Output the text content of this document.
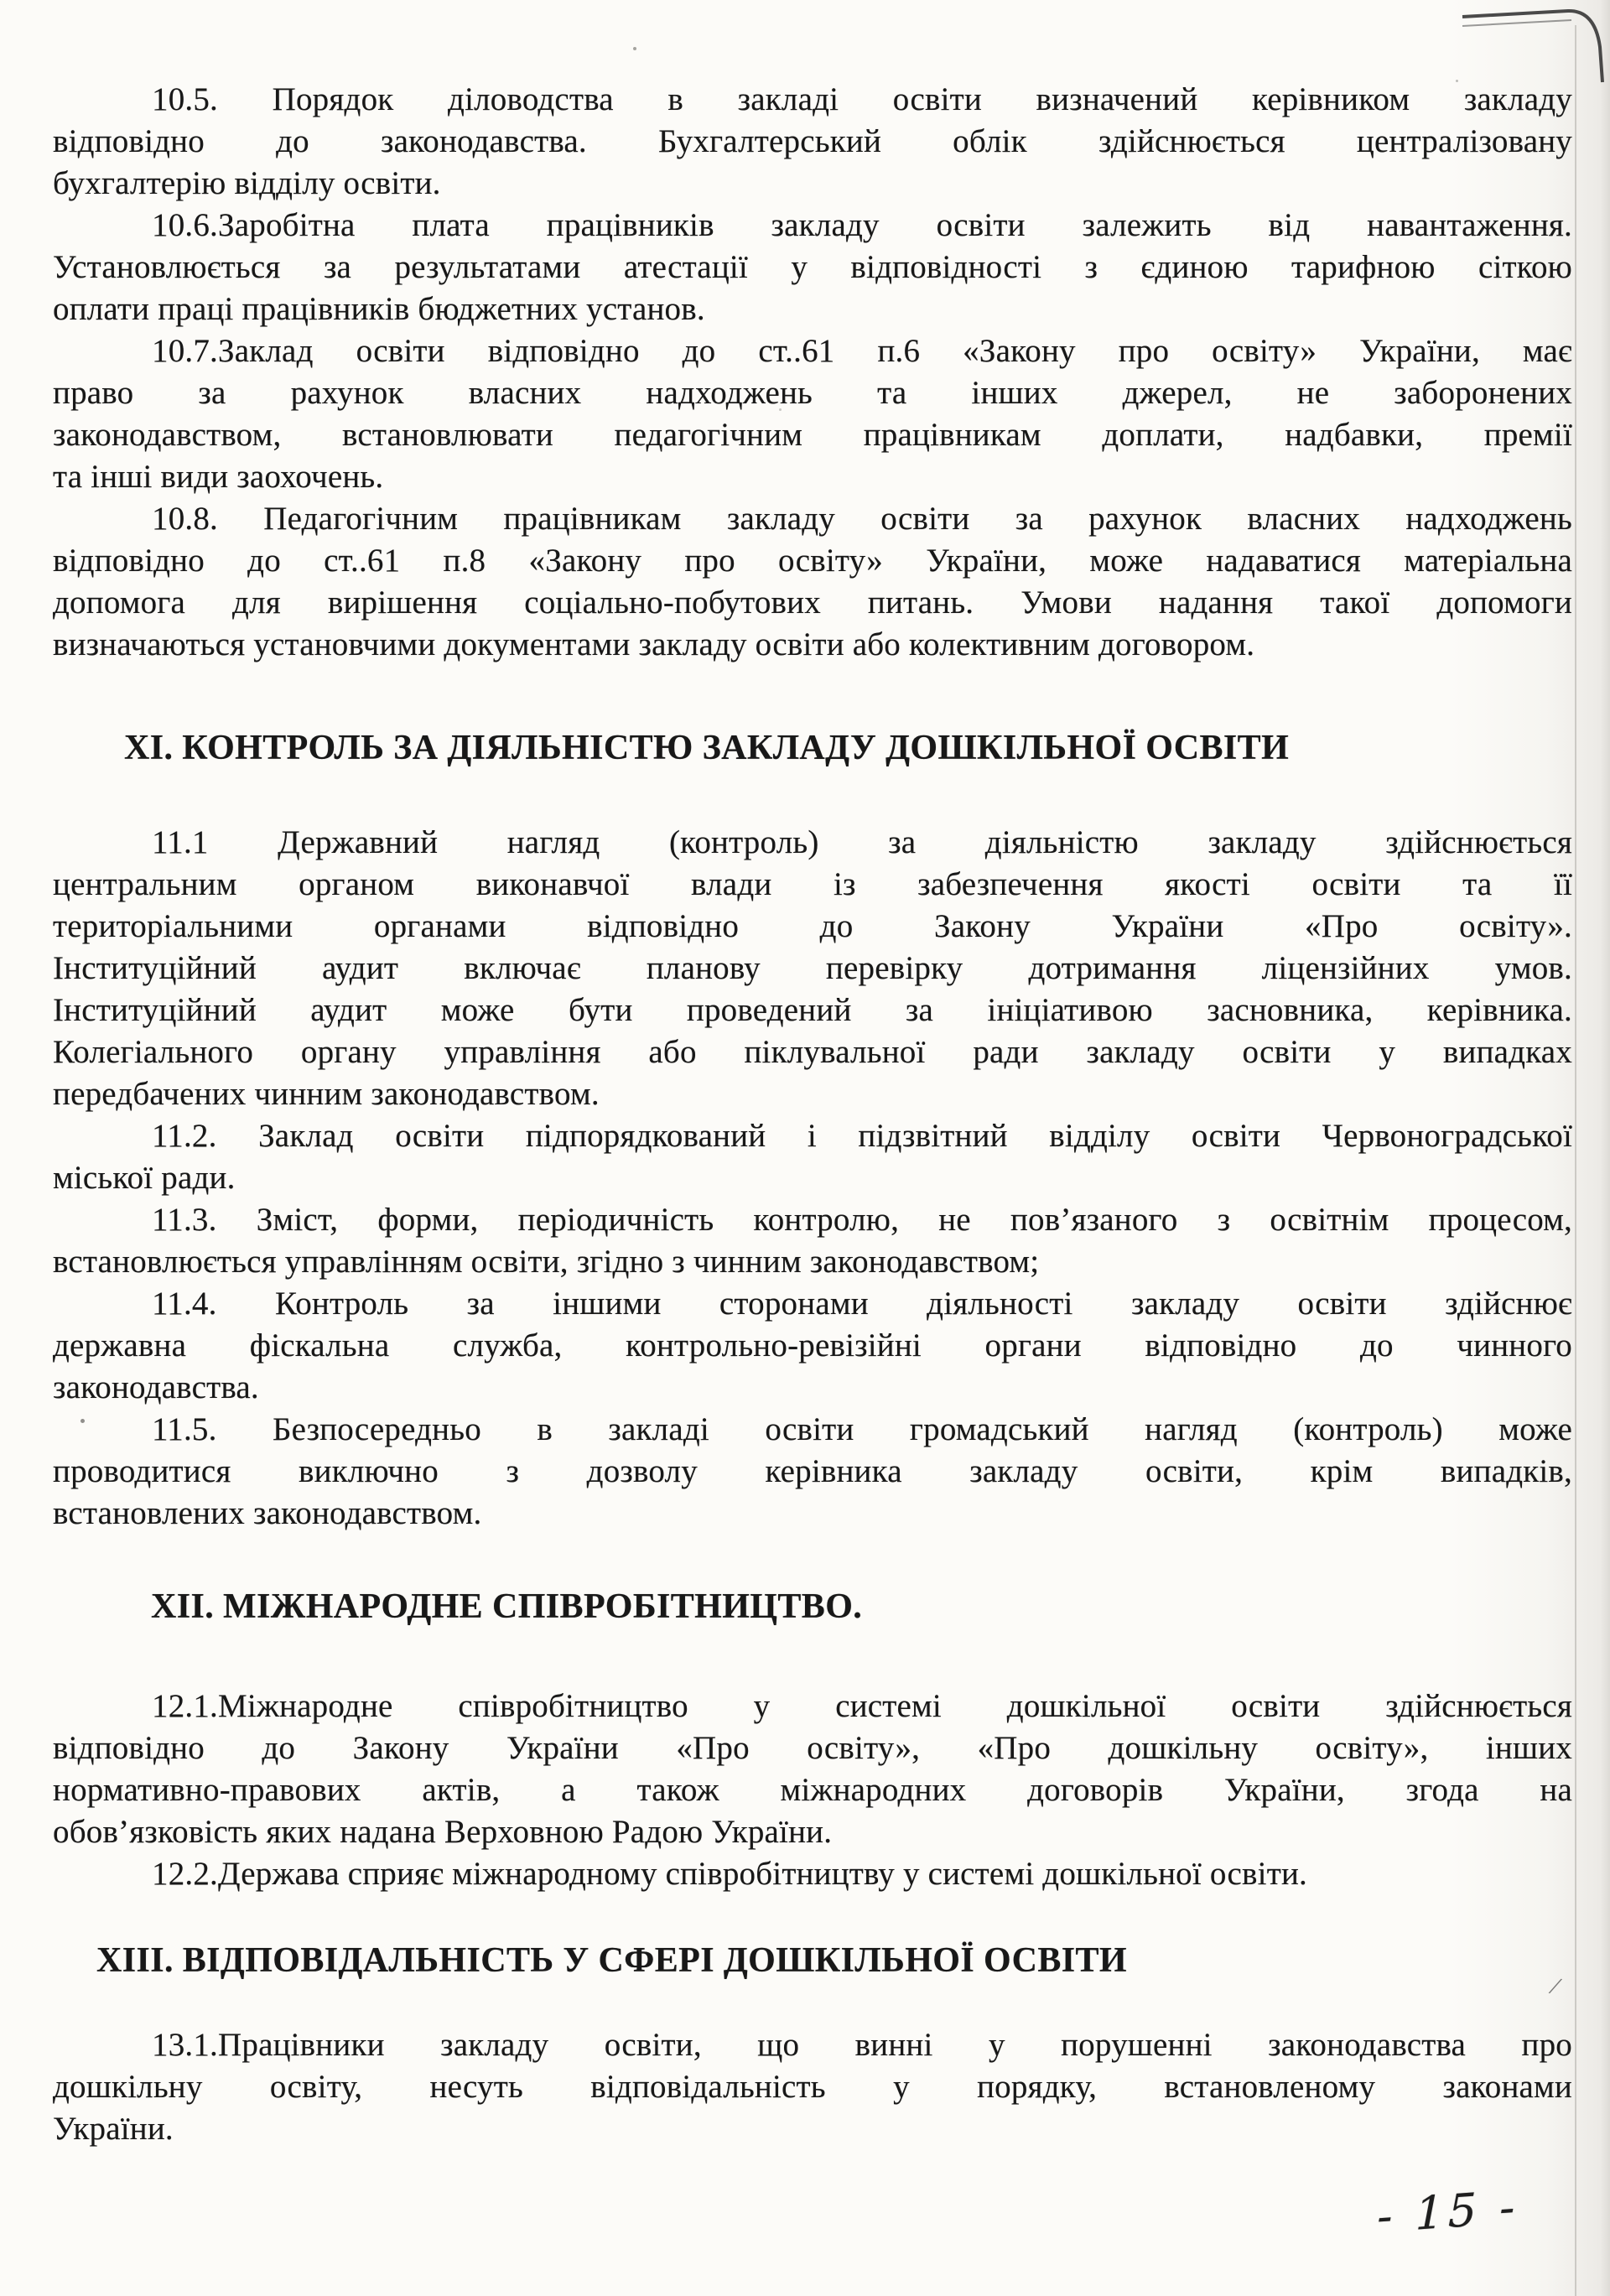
/

10.5. Порядок діловодства в закладі освіти визначений керівником закладу
відповідно до законодавства. Бухгалтерський облік здійснюється централізовану
бухгалтерію відділу освіти.

10.6.Заробітна плата працівників закладу освіти залежить від навантаження.
Установлюється за результатами атестації у відповідності з єдиною тарифною сіткою
оплати праці працівників бюджетних установ.

10.7.Заклад освіти відповідно до ст..61 п.6 «Закону про освіту» України, має
право за рахунок власних надходжень та інших джерел, не заборонених
законодавством, встановлювати педагогічним працівникам доплати, надбавки, премії
та інші види заохочень.

10.8. Педагогічним працівникам закладу освіти за рахунок власних надходжень
відповідно до ст..61 п.8 «Закону про освіту» України, може надаватися матеріальна
допомога для вирішення соціально-побутових питань. Умови надання такої допомоги
визначаються установчими документами закладу освіти або колективним договором.

XI. КОНТРОЛЬ ЗА ДІЯЛЬНІСТЮ ЗАКЛАДУ ДОШКІЛЬНОЇ ОСВІТИ

11.1 Державний нагляд (контроль) за діяльністю закладу здійснюється
центральним органом виконавчої влади із забезпечення якості освіти та її
територіальними органами відповідно до Закону України «Про освіту».
Інституційний аудит включає планову перевірку дотримання ліцензійних умов.
Інституційний аудит може бути проведений за ініціативою засновника, керівника.
Колегіального органу управління або піклувальної ради закладу освіти у випадках
передбачених чинним законодавством.

11.2. Заклад освіти підпорядкований і підзвітний відділу освіти Червоноградської
міської ради.

11.3. Зміст, форми, періодичність контролю, не пов’язаного з освітнім процесом,
встановлюється управлінням освіти, згідно з чинним законодавством;

11.4. Контроль за іншими сторонами діяльності закладу освіти здійснює
державна фіскальна служба, контрольно-ревізійні органи відповідно до чинного
законодавства.

11.5. Безпосередньо в закладі освіти громадський нагляд (контроль) може
проводитися виключно з дозволу керівника закладу освіти, крім випадків,
встановлених законодавством.

XII. МІЖНАРОДНЕ СПІВРОБІТНИЦТВО.

12.1.Міжнародне співробітництво у системі дошкільної освіти здійснюється
відповідно до Закону України «Про освіту», «Про дошкільну освіту», інших
нормативно-правових актів, а також міжнародних договорів України, згода на
обов’язковість яких надана Верховною Радою України.

12.2.Держава сприяє міжнародному співробітництву у системі дошкільної освіти.

XIII. ВІДПОВІДАЛЬНІСТЬ У СФЕРІ ДОШКІЛЬНОЇ ОСВІТИ

13.1.Працівники закладу освіти, що винні у порушенні законодавства про
дошкільну освіту, несуть відповідальність у порядку, встановленому законами
України.

- 15 -
